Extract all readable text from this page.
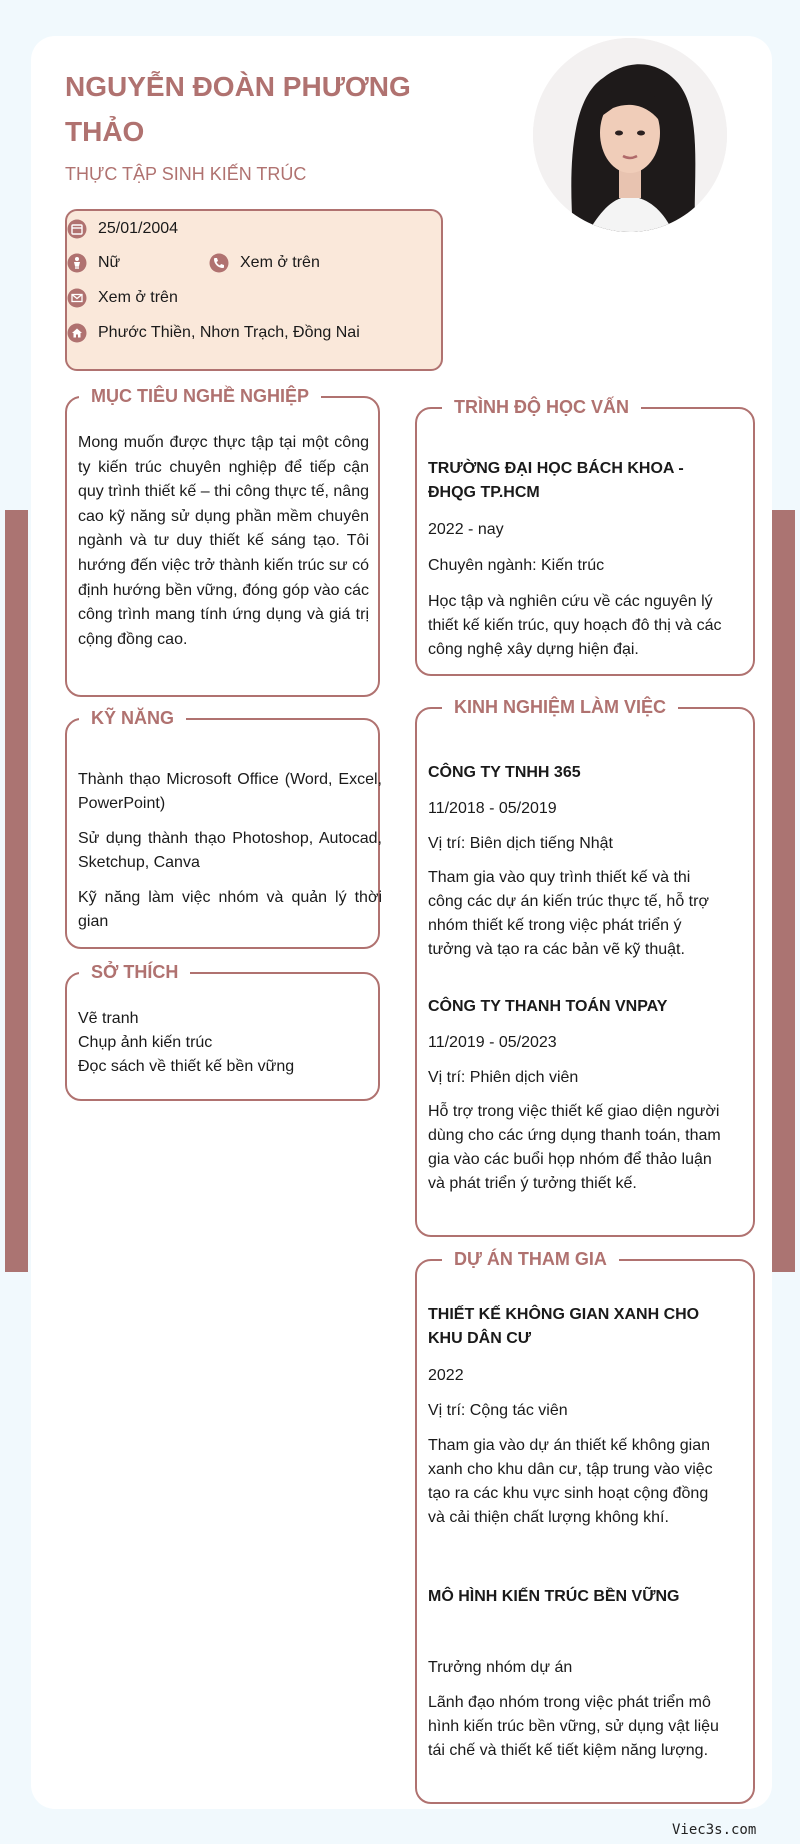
NGUYỄN ĐOÀN PHƯƠNG THẢO
THỰC TẬP SINH KIẾN TRÚC
25/01/2004
Nữ	Xem ở trên
Xem ở trên
Phước Thiền, Nhơn Trạch, Đồng Nai
MỤC TIÊU NGHỀ NGHIỆP
Mong muốn được thực tập tại một công ty kiến trúc chuyên nghiệp để tiếp cận quy trình thiết kế – thi công thực tế, nâng cao kỹ năng sử dụng phần mềm chuyên ngành và tư duy thiết kế sáng tạo. Tôi hướng đến việc trở thành kiến trúc sư có định hướng bền vững, đóng góp vào các công trình mang tính ứng dụng và giá trị cộng đồng cao.
KỸ NĂNG
Thành thạo Microsoft Office (Word, Excel, PowerPoint)
Sử dụng thành thạo Photoshop, Autocad, Sketchup, Canva
Kỹ năng làm việc nhóm và quản lý thời gian
SỞ THÍCH
Vẽ tranh
Chụp ảnh kiến trúc
Đọc sách về thiết kế bền vững
TRÌNH ĐỘ HỌC VẤN
TRƯỜNG ĐẠI HỌC BÁCH KHOA - ĐHQG TP.HCM
2022 - nay
Chuyên ngành: Kiến trúc
Học tập và nghiên cứu về các nguyên lý thiết kế kiến trúc, quy hoạch đô thị và các công nghệ xây dựng hiện đại.
KINH NGHIỆM LÀM VIỆC
CÔNG TY TNHH 365
11/2018 - 05/2019
Vị trí: Biên dịch tiếng Nhật
Tham gia vào quy trình thiết kế và thi công các dự án kiến trúc thực tế, hỗ trợ nhóm thiết kế trong việc phát triển ý tưởng và tạo ra các bản vẽ kỹ thuật.
CÔNG TY THANH TOÁN VNPAY
11/2019 - 05/2023
Vị trí: Phiên dịch viên
Hỗ trợ trong việc thiết kế giao diện người dùng cho các ứng dụng thanh toán, tham gia vào các buổi họp nhóm để thảo luận và phát triển ý tưởng thiết kế.
DỰ ÁN THAM GIA
THIẾT KẾ KHÔNG GIAN XANH CHO KHU DÂN CƯ
2022
Vị trí: Cộng tác viên
Tham gia vào dự án thiết kế không gian xanh cho khu dân cư, tập trung vào việc tạo ra các khu vực sinh hoạt cộng đồng và cải thiện chất lượng không khí.
MÔ HÌNH KIẾN TRÚC BỀN VỮNG
Trưởng nhóm dự án
Lãnh đạo nhóm trong việc phát triển mô hình kiến trúc bền vững, sử dụng vật liệu tái chế và thiết kế tiết kiệm năng lượng.
Viec3s.com
